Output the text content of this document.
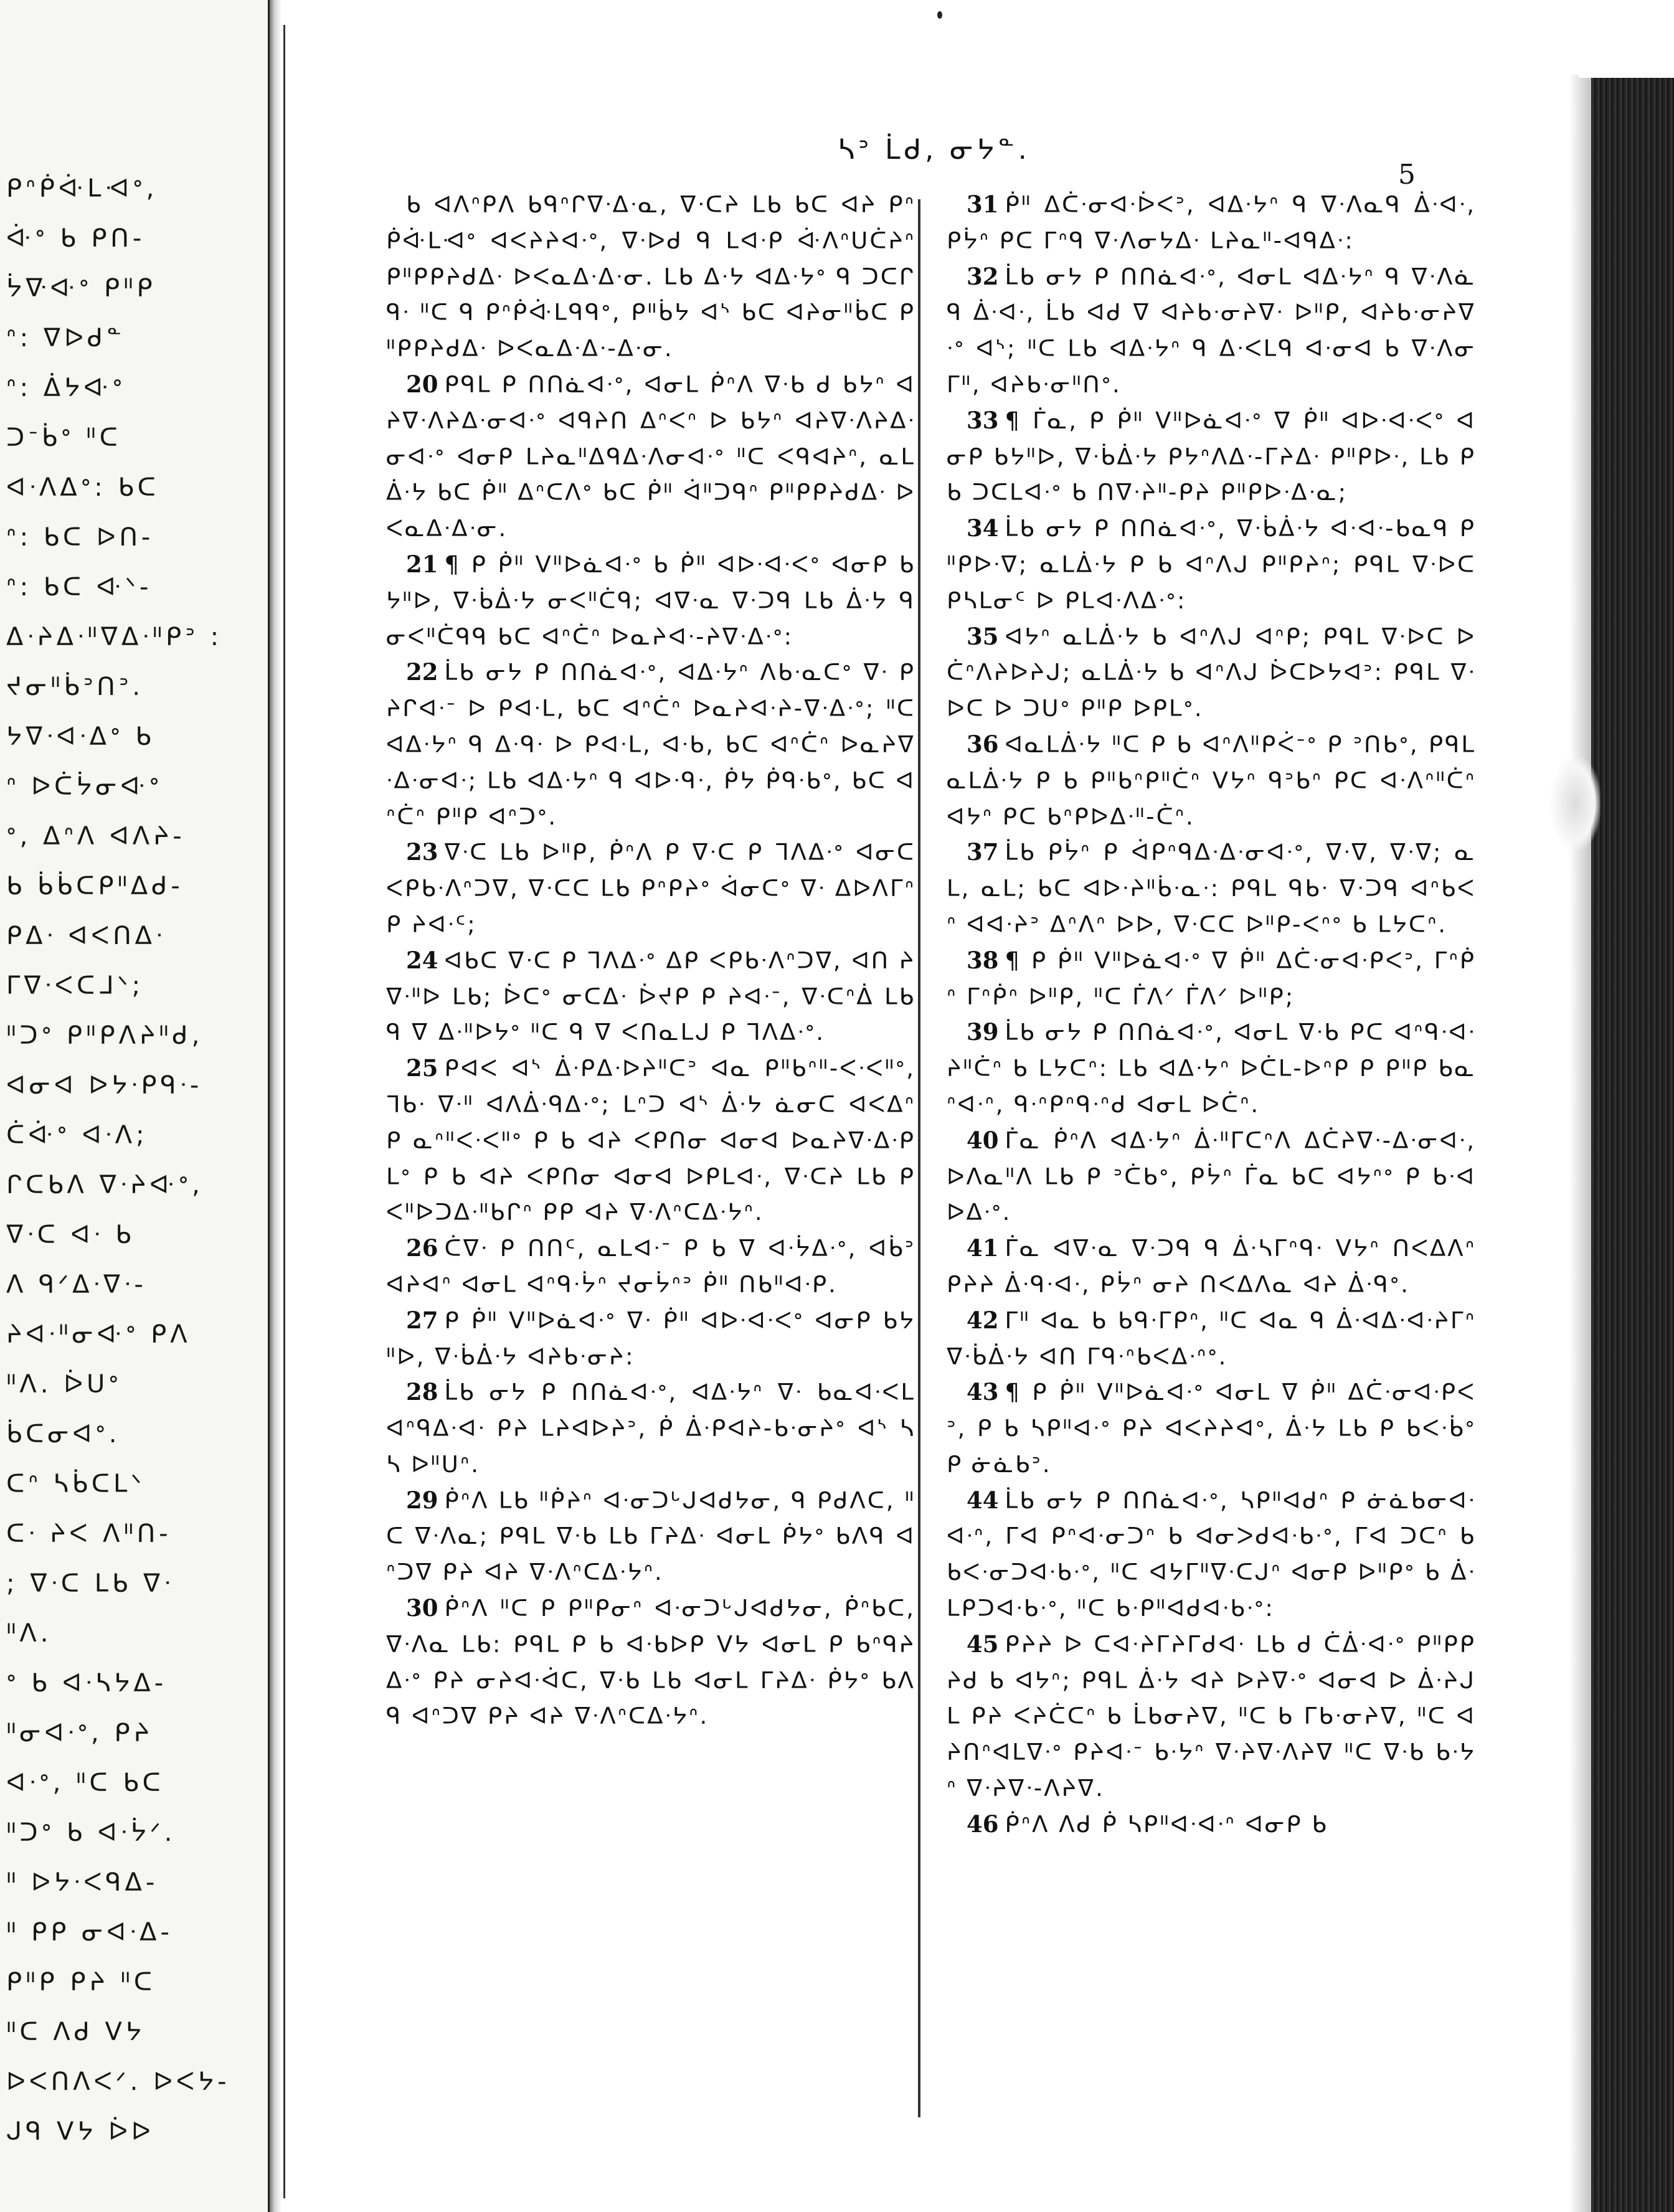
ᑭᐢᑮᐚᒪᐗᐤ,
ᐚᐤ ᑲ ᑭᑎ-
ᔮᐍᐘᐤ ᑭᐦᑭ
ᐢ: ᐁᐅᑯᓐ
ᐢ: ᐄᔭᐘᐤ
ᑐᐨᑳᐤ ᐦᑕ
ᐊᐧᐱᐃᐤ: ᑲᑕ
ᐢ: ᑲᑕ ᐅᑎ-
ᐢ: ᑲᑕ ᐘᐠ-
ᐃᐧᔨᐃᐧᐦᐁᐃᐧᐦᑭᐣ :
ᔪᓂᐦᑳᐣᑎᐣ.
ᔭᐁᐧᐊᐧᐃᐤ ᑲ
ᐢ ᐅᑖᔮᓂᐘᐤ
ᐤ, ᐃᐢᐱ ᐊᐱᔨ-
ᑲ ᑳᑳᑕᑭᐦᐃᑯ-
ᑭᐃᐧ ᐊᐸᑎᐃᐧ
ᒥᐁᐧᐸᑕᒧᐠ;
ᐦᑐᐤ ᑭᐦᑭᐱᔨᐦᑯ,
ᐊᓂᐊ ᐅᔭᐧᑭᑫᐧ-
ᑖᐚᐤ ᐊᐧᐱ;
ᒋᑕᑲᐱ ᐁᐧᔨᐘᐤ,
ᐁᐧᑕ ᐊᐧ ᑲ
ᐱ ᑫᐟᐃᐧᐁᐧ-
ᔨᐊᐧᐦᓂᐘᐤ ᑭᐱ
ᐦᐱ. ᐆᑌᐤ
ᑳᑕᓂᐊᐤ.
ᑕᐢ ᓴᑳᑕᒪᐠ
ᑕᐧ ᔨᐸ ᐱᐦᑎ-
; ᐁᐧᑕ ᒪᑲ ᐁᐧ
ᐦᐱ.
ᐤ ᑲ ᐊᐧᓴᔭᐃ-
ᐦᓂᐊᐧᐤ, ᑭᔨ
ᐊᐧᐤ, ᐦᑕ ᑲᑕ
ᐦᑐᐤ ᑲ ᐊᐧᔮᐟ.
ᐦ ᐅᔭᐧᐸᑫᐃ-
ᐦ ᑭᑭ ᓂᐊᐧᐃ-
ᑭᐦᑭ ᑭᔨ ᐦᑕ
ᐦᑕ ᐱᑯ ᐯᔭ
ᐅᐸᑎᐱᐸᐟ. ᐅᐸᔭ-
ᒍᑫ ᐯᔭ ᐆᐅ
ᓴᐣ ᒫᑯ, ᓂᔭᓐ.
5

ᑲ ᐊᐱᐢᑭᐱ ᑲᑫᐢᒋᐁᐧᐃᐧᓇ, ᐁᐧᑕᔨ ᒪᑲ ᑲᑕ ᐊᔨ ᑭᐢᑮᐚᒪᐗᐤ ᐊᐸᔨᔨᐊᐧᐤ, ᐁᐧᐅᑯ ᑫ ᒪᐊᐧᑭ ᐚᐱᐢᑌᑖᔨᐢ ᑭᐦᑭᑭᔨᑯᐃᐧ ᐅᐸᓇᐃᐧᐃᐧᓂ. ᒪᑲ ᐃᐧᔭ ᐊᐃᐧᔭᐤ ᑫ ᑐᑕᒋᑫᐧ ᐦᑕ ᑫ ᑭᐢᑮᐚᒪᑫᑫᐤ, ᑭᐦᑳᔭ ᐊᔅ ᑲᑕ ᐊᔨᓂᐦᑳᑕ ᑭᐦᑭᑭᔨᑯᐃᐧ ᐅᐸᓇᐃᐧᐃᐧ-ᐃᐧᓂ.

20 ᑭᑫᒪ ᑭ ᑎᑎᓈᐊᐧᐤ, ᐊᓂᒪ ᑮᐢᐱ ᐁᐧᑲ ᑯ ᑲᔭᐢ ᐊᔨᐁᐧᐱᔨᐃᐧᓂᐊᐧᐤ ᐊᑫᔨᑎ ᐃᐢᐸᐢ ᐅ ᑲᔭᐢ ᐊᔨᐁᐧᐱᔨᐃᐧᓂᐊᐧᐤ ᐊᓂᑭ ᒪᔨᓇᐦᐃᑫᐃᐧᐱᓂᐊᐧᐤ ᐦᑕ ᐸᑫᐊᔨᐢ, ᓇᒪᐄᐧᔭ ᑲᑕ ᑮᐦ ᐃᐢᑕᐱᐤ ᑲᑕ ᑮᐦ ᐋᐦᑐᑫᐢ ᑭᐦᑭᑭᔨᑯᐃᐧ ᐅᐸᓇᐃᐧᐃᐧᓂ.

21 ¶ ᑭ ᑮᐦ ᐯᐦᐅᓈᐊᐧᐤ ᑲ ᑮᐦ ᐊᐅᐧᐊᐧᐸᐤ ᐊᓂᑭ ᑲᔭᐦᐅ, ᐁᐧᑳᐄᐧᔭ ᓂᐸᐦᑖᑫ; ᐊᐁᐧᓇ ᐁᐧᑐᑫ ᒪᑲ ᐄᐧᔭ ᑫᓂᐸᐦᑖᑫᑫ ᑲᑕ ᐊᐢᑖᐢ ᐅᓇᔨᐊᐧ-ᔨᐁᐧᐃᐧᐤ:

22 ᒫᑲ ᓂᔭ ᑭ ᑎᑎᓈᐊᐧᐤ, ᐊᐃᐧᔭᐢ ᐱᑲᐧᓇᑕᐤ ᐁᐧ ᑭ ᔨᒋᐊᐧᐨ ᐅ ᑭᐊᐧᒪ, ᑲᑕ ᐊᐢᑖᐢ ᐅᓇᔨᐊᐧᔨ-ᐁᐧᐃᐧᐤ; ᐦᑕ ᐊᐃᐧᔭᐢ ᑫ ᐃᐧᑫᐧ ᐅ ᑭᐊᐧᒪ, ᐊᐧᑲ, ᑲᑕ ᐊᐢᑖᐢ ᐅᓇᔨᐁᐧᐃᐧᓂᐊᐧ; ᒪᑲ ᐊᐃᐧᔭᐢ ᑫ ᐊᐅᐧᑫᐧ, ᑮᔭ ᑮᑫᐧᑲᐤ, ᑲᑕ ᐊᐢᑖᐢ ᑭᐦᑭ ᐊᐢᑐᐤ.

23 ᐁᐧᑕ ᒪᑲ ᐅᐦᑭ, ᑮᐢᐱ ᑭ ᐁᐧᑕ ᑭ ᒣᐱᐃᐧᐤ ᐊᓂᑕ ᐸᑭᑲᐧᐱᐢᑐᐁ, ᐁᐧᑕᑕ ᒪᑲ ᑭᐢᑭᔨᐤ ᐋᓂᑕᐤ ᐁᐧ ᐃᐅᐱᒥᐢ ᑭ ᔨᐊᐧᑦ;

24 ᐊᑲᑕ ᐁᐧᑕ ᑭ ᒣᐱᐃᐧᐤ ᐃᑭ ᐸᑭᑲᐧᐱᐢᑐᐁ, ᐊᑎ ᔨᐁᐧᐦᐅ ᒪᑲ; ᐆᑕᐤ ᓂᑕᐃᐧ ᐆᔪᑭ ᑭ ᔨᐊᐧᐨ, ᐁᐧᑕᐢᐄ ᒪᑲ ᑫ ᐁ ᐃᐧᐦᐅᔭᐤ ᐦᑕ ᑫ ᐁ ᐸᑎᓇᒪᒍ ᑭ ᒣᐱᐃᐧᐤ.

25 ᑭᐊᐸ ᐊᔅ ᐄᐧᑭᐃᐧᐅᔨᐦᑕᐣ ᐊᓇ ᑭᐦᑲᐢᐦ-ᐸᐧᐸᐦᐤ, ᒣᑲᐧ ᐁᐧᐦ ᐊᐱᐄᐧᑫᐃᐧᐤ; ᒪᐢᑐ ᐊᔅ ᐄᐧᔭ ᓈᓂᑕ ᐊᐸᐃᐢ ᑭ ᓇᐢᐦᐸᐧᐸᐦᐤ ᑭ ᑲ ᐊᔨ ᐸᑭᑎᓂ ᐊᓂᐊ ᐅᓇᔨᐁᐧᐃᐧᑭᒪᐤ ᑭ ᑲ ᐊᔨ ᐸᑭᑎᓂ ᐊᓂᐊ ᐅᑭᒪᐊᐧ, ᐁᐧᑕᔨ ᒪᑲ ᑭ ᐸᐦᐅᑐᐃᐧᐦᑲᒋᐢ ᑭᑭ ᐊᔨ ᐁᐧᐱᐢᑕᐃᐧᔭᐢ.

26 ᑖᐁᐧ ᑭ ᑎᑎᑦ, ᓇᒪᐊᐧᐨ ᑭ ᑲ ᐁ ᐊᐧᔮᐃᐧᐤ, ᐊᑳᐣ ᐊᔨᐊᐢ ᐊᓂᒪ ᐊᐢᑫᐧᔮᐢ ᔪᓂᔮᐢᐣ ᑮᐦ ᑎᑲᐦᐊᐧᑭ.

27 ᑭ ᑮᐦ ᐯᐦᐅᓈᐊᐧᐤ ᐁᐧ ᑮᐦ ᐊᐅᐧᐊᐧᐸᐤ ᐊᓂᑭ ᑲᔭᐦᐅ, ᐁᐧᑳᐄᐧᔭ ᐊᔨᑲᐧᓂᔨ:

28 ᒫᑲ ᓂᔭ ᑭ ᑎᑎᓈᐊᐧᐤ, ᐊᐃᐧᔭᐢ ᐁᐧ ᑲᓇᐊᐧᐸᒪ ᐊᐢᑫᐃᐧᐊᐧ ᑭᔨ ᒪᔨᐊᐅᔨᐣ, ᑮ ᐄᐧᑭᐊᔨ-ᑲᐧᓂᔨᐤ ᐊᔅ ᓴᓴ ᐅᐦᑌᐢ.

29 ᑮᐢᐱ ᒪᑲ ᐦᑮᔨᐢ ᐊᐧᓂᑐᒡᒍᐊᑯᔭᓂ, ᑫ ᑭᑯᐱᑕ, ᐦᑕ ᐁᐧᐱᓇ; ᑭᑫᒪ ᐁᐧᑲ ᒪᑲ ᒥᔨᐃᐧ ᐊᓂᒪ ᑮᔭᐤ ᑲᐱᑫ ᐊᐢᑐᐁ ᑭᔨ ᐊᔨ ᐁᐧᐱᐢᑕᐃᐧᔭᐢ.

30 ᑮᐢᐱ ᐦᑕ ᑭ ᑭᐦᑭᓂᐢ ᐊᐧᓂᑐᒡᒍᐊᑯᔭᓂ, ᑮᐢᑲᑕ, ᐁᐧᐱᓇ ᒪᑲ: ᑭᑫᒪ ᑭ ᑲ ᐊᐧᑲᐅᑭ ᐯᔭ ᐊᓂᒪ ᑭ ᑲᐢᑫᔨᐃᐧᐤ ᑭᔨ ᓂᔨᐊᐧᐋᑕ, ᐁᐧᑲ ᒪᑲ ᐊᓂᒪ ᒥᔨᐃᐧ ᑮᔭᐤ ᑲᐱᑫ ᐊᐢᑐᐁ ᑭᔨ ᐊᔨ ᐁᐧᐱᐢᑕᐃᐧᔭᐢ.

31 ᑮᐦ ᐃᑖᐧᓂᐊᐧᐆᐸᐣ, ᐊᐃᐧᔭᐢ ᑫ ᐁᐧᐱᓇᑫ ᐄᐧᐊᐧ, ᑭᔮᐢ ᑭᑕ ᒥᐢᑫ ᐁᐧᐱᓂᔭᐃᐧ ᒪᔨᓇᐦ-ᐊᑫᐃᐧ:

32 ᒫᑲ ᓂᔭ ᑭ ᑎᑎᓈᐊᐧᐤ, ᐊᓂᒪ ᐊᐃᐧᔭᐢ ᑫ ᐁᐧᐱᓈᑫ ᐄᐧᐊᐧ, ᒫᑲ ᐊᑯ ᐁ ᐊᔨᑲᐧᓂᔨᐁᐧ ᐅᐦᑭ, ᐊᔨᑲᐧᓂᔨᐁᐧᐤ ᐊᔅ; ᐦᑕ ᒪᑲ ᐊᐃᐧᔭᐢ ᑫ ᐃᐧᐸᒪᑫ ᐊᐧᓂᐊ ᑲ ᐁᐧᐱᓂᒥᐦ, ᐊᔨᑲᐧᓂᐦᑎᐤ.

33 ¶ ᒦᓇ, ᑭ ᑮᐦ ᐯᐦᐅᓈᐊᐧᐤ ᐁ ᑮᐦ ᐊᐅᐧᐊᐧᐸᐤ ᐊᓂᑭ ᑲᔭᐦᐅ, ᐁᐧᑳᐄᐧᔭ ᑭᔭᐢᐱᐃᐧ-ᒥᔨᐃᐧ ᑭᐦᑭᐅᐧ, ᒪᑲ ᑭ ᑲ ᑐᑕᒪᐊᐧᐤ ᑲ ᑎᐁᐧᔨᐦ-ᑭᔨ ᑭᐦᑭᐅᐧᐃᐧᓇ;

34 ᒫᑲ ᓂᔭ ᑭ ᑎᑎᓈᐊᐧᐤ, ᐁᐧᑳᐄᐧᔭ ᐊᐧᐊᐧ-ᑲᓇᑫ ᑭᐦᑭᐅᐧᐁ; ᓇᒪᐄᐧᔭ ᑭ ᑲ ᐊᐢᐱᒍ ᑭᐦᑭᔨᐢ; ᑭᑫᒪ ᐁᐧᐅᑕ ᑭᓴᒪᓂᑦ ᐅ ᑭᒪᐊᐧᐱᐃᐧᐤ:

35 ᐊᔭᐢ ᓇᒪᐄᐧᔭ ᑲ ᐊᐢᐱᒍ ᐊᐢᑭ; ᑭᑫᒪ ᐁᐧᐅᑕ ᐅᑖᐢᐱᔨᐅᔨᒍ; ᓇᒪᐄᐧᔭ ᑲ ᐊᐢᐱᒍ ᐆᑕᐅᔭᐊᐣ: ᑭᑫᒪ ᐁᐧᐅᑕ ᐅ ᑐᑌᐤ ᑭᐦᑭ ᐅᑭᒪᐤ.

36 ᐊᓇᒪᐄᐧᔭ ᐦᑕ ᑭ ᑲ ᐊᐢᐱᐦᑭᐹᐨᐤ ᑭ ᐣᑎᑲᐤ, ᑭᑫᒪ ᓇᒪᐄᐧᔭ ᑭ ᑲ ᑭᐦᑲᐢᑭᐦᑖᐢ ᐯᔭᐢ ᑫᐣᑲᐢ ᑭᑕ ᐊᐧᐱᐢᐦᑖᐢ ᐊᔭᐢ ᑭᑕ ᑲᐢᑭᐅᐃᐧᐦ-ᑖᐢ.

37 ᒫᑲ ᑭᔮᐢ ᑭ ᐋᑭᐢᑫᐃᐧᐃᐧᓂᐊᐧᐤ, ᐁᐧᐁ, ᐁᐧᐁ; ᓇᒪ, ᓇᒪ; ᑲᑕ ᐊᐅᐧᔨᐦᑳᐧᓇᐧ: ᑭᑫᒪ ᑫᑲᐧ ᐁᐧᑐᑫ ᐊᐢᑲᐸᐢ ᐊᐊᐧᔨᐣ ᐃᐢᐱᐢ ᐅᐅ, ᐁᐧᑕᑕ ᐅᐦᑭ-ᐸᐢᐤ ᑲ ᒪᔭᑕᐢ.

38 ¶ ᑭ ᑮᐦ ᐯᐦᐅᓈᐊᐧᐤ ᐁ ᑮᐦ ᐃᑖᐧᓂᐊᐧᑭᐸᐣ, ᒥᐢᑮᐢ ᒥᐢᑮᐢ ᐅᐦᑭ, ᐦᑕ ᒦᐱᐟ ᒦᐱᐟ ᐅᐦᑭ;

39 ᒫᑲ ᓂᔭ ᑭ ᑎᑎᓈᐊᐧᐤ, ᐊᓂᒪ ᐁᐧᑲ ᑭᑕ ᐊᐢᑫᐧᐊᐧᔨᐦᑖᐢ ᑲ ᒪᔭᑕᐢ: ᒪᑲ ᐊᐃᐧᔭᐢ ᐅᑖᒪ-ᐅᐢᑭ ᑭ ᑭᐦᑭ ᑲᓇᐢᐊᐧᐢ, ᑫᐧᐢᑭᐢᑫᐧᐢᑯ ᐊᓂᒪ ᐅᑖᐢ.

40 ᒦᓇ ᑮᐢᐱ ᐊᐃᐧᔭᐢ ᐄᐧᐦᒥᑕᐢᐱ ᐃᑖᔨᐁᐧ-ᐃᐧᓂᐊᐧ, ᐅᐱᓇᐦᐱ ᒪᑲ ᑭ ᐣᑖᑲᐤ, ᑭᔮᐢ ᒦᓇ ᑲᑕ ᐊᔭᐢᐤ ᑭ ᑲᐧᐊᐅᐃᐧᐤ.

41 ᒦᓇ ᐊᐁᐧᓇ ᐁᐧᑐᑫ ᑫ ᐄᐧᓴᒥᐢᑫᐧ ᐯᔭᐢ ᑎᐸᐃᐱᐢ ᑭᔨᔨ ᐄᐧᑫᐧᐊᐧ, ᑭᔮᐢ ᓂᔨ ᑎᐸᐃᐱᓇ ᐊᔨ ᐄᐧᑫᐤ.

42 ᒥᐦ ᐊᓇ ᑲ ᑲᑫᐧᒥᑭᐢ, ᐦᑕ ᐊᓇ ᑫ ᐄᐧᐊᐃᐧᐊᐧᔨᒥᐢ ᐁᐧᑳᐄᐧᔭ ᐊᑎ ᒥᑫᐧᐢᑲᐸᐃᐧᐢᐤ.

43 ¶ ᑭ ᑮᐦ ᐯᐦᐅᓈᐊᐧᐤ ᐊᓂᒪ ᐁ ᑮᐦ ᐃᑖᐧᓂᐊᐧᑭᐸᐣ, ᑭ ᑲ ᓴᑭᐦᐊᐧᐤ ᑭᔨ ᐊᐸᔨᔨᐊᐤ, ᐄᐧᔭ ᒪᑲ ᑭ ᑲᐸᐧᑳᐤ ᑭ ᓃᓈᑲᐣ.

44 ᒫᑲ ᓂᔭ ᑭ ᑎᑎᓈᐊᐧᐤ, ᓴᑭᐦᐊᑯᐢ ᑭ ᓃᓈᑲᓂᐊᐧᐊᐧᐢ, ᒥᐊ ᑭᐢᐊᐧᓂᑐᐢ ᑲ ᐊᓂᐳᑯᐊᐧᑲᐧᐤ, ᒥᐊ ᑐᑕᐢ ᑲ ᑲᐸᐧᓂᑐᐊᐧᑲᐧᐤ, ᐦᑕ ᐊᔭᒥᐦᐁᐧᑕᒍᐢ ᐊᓂᑭ ᐅᐦᑭᐤ ᑲ ᐄᐧᒪᑭᑐᐊᐧᑲᐧᐤ, ᐦᑕ ᑲᐧᑭᐦᐊᑯᐊᐧᑲᐧᐤ:

45 ᑭᔨᔨ ᐅ ᑕᐊᐧᔨᒥᔨᒥᑯᐊᐧ ᒪᑲ ᑯ ᑖᐄᐧᐊᐧᐤ ᑭᐦᑭᑭᔨᑯ ᑲ ᐊᔭᐢ; ᑭᑫᒪ ᐄᐧᔭ ᐊᔨ ᐅᔨᐁᐧᐤ ᐊᓂᐊ ᐅ ᐄᐧᔨᒍᒪ ᑭᔨ ᐸᔨᑖᑕᐢ ᑲ ᒫᑲᓂᔨᐁ, ᐦᑕ ᑲ ᒥᑲᐧᓂᔨᐁ, ᐦᑕ ᐊᔨᑎᐢᐊᒪᐁᐧᐤ ᑭᔨᐊᐧᐨ ᑲᐧᔭᐢ ᐁᐧᔨᐁᐧᐱᔨᐁ ᐦᑕ ᐁᐧᑲ ᑲᐧᔭᐢ ᐁᐧᔨᐁᐧ-ᐱᔨᐁ.

46 ᑮᐢᐱ ᐱᑯ ᑮ ᓴᑭᐦᐊᐧᐊᐧᐢ ᐊᓂᑭ ᑲ
